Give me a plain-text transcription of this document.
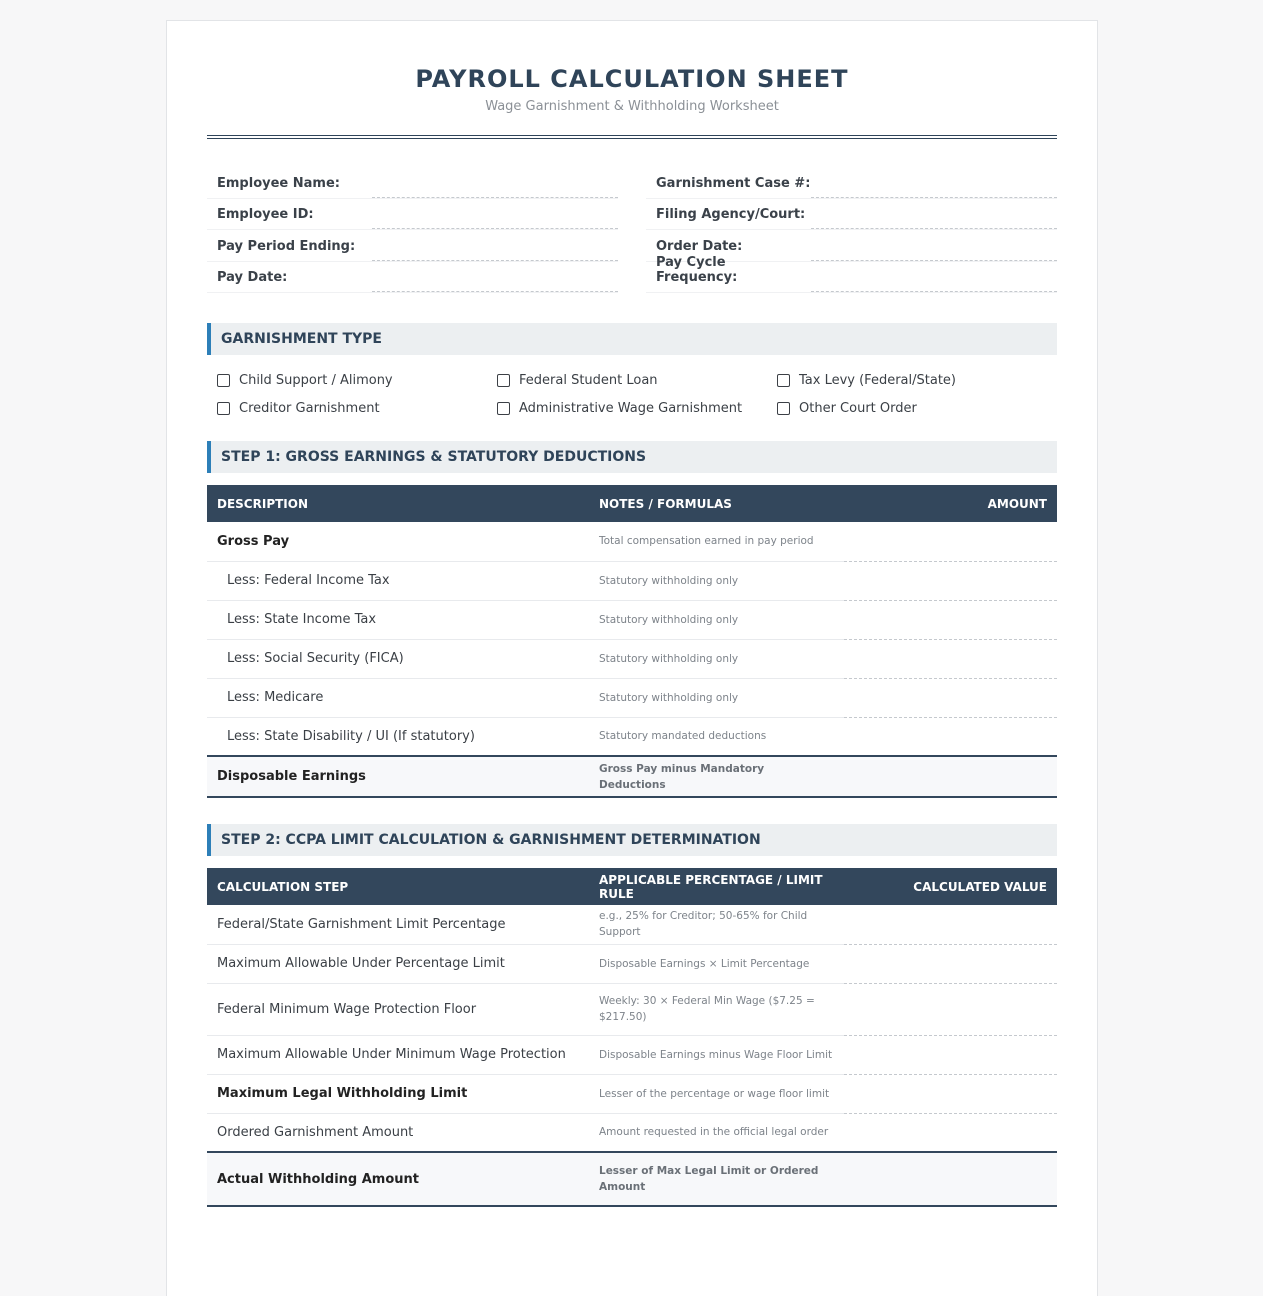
PAYROLL CALCULATION SHEET
Wage Garnishment & Withholding Worksheet
Employee Name:
Employee ID:
Pay Period Ending:
Pay Date:
Garnishment Case #:
Filing Agency/Court:
Order Date:
Pay Cycle Frequency:
GARNISHMENT TYPE
Child Support / Alimony	Federal Student Loan	Tax Levy (Federal/State)
Creditor Garnishment	Administrative Wage Garnishment	Other Court Order
STEP 1: GROSS EARNINGS & STATUTORY DEDUCTIONS
DESCRIPTION	NOTES / FORMULAS	AMOUNT
Gross Pay	Total compensation earned in pay period	
Less: Federal Income Tax	Statutory withholding only	
Less: State Income Tax	Statutory withholding only	
Less: Social Security (FICA)	Statutory withholding only	
Less: Medicare	Statutory withholding only	
Less: State Disability / UI (If statutory)	Statutory mandated deductions	
Disposable Earnings	Gross Pay minus Mandatory Deductions	
STEP 2: CCPA LIMIT CALCULATION & GARNISHMENT DETERMINATION
CALCULATION STEP	APPLICABLE PERCENTAGE / LIMIT RULE	CALCULATED VALUE
Federal/State Garnishment Limit Percentage	e.g., 25% for Creditor; 50-65% for Child Support	
Maximum Allowable Under Percentage Limit	Disposable Earnings × Limit Percentage	
Federal Minimum Wage Protection Floor	Weekly: 30 × Federal Min Wage ($7.25 = $217.50)	
Maximum Allowable Under Minimum Wage Protection	Disposable Earnings minus Wage Floor Limit	
Maximum Legal Withholding Limit	Lesser of the percentage or wage floor limit	
Ordered Garnishment Amount	Amount requested in the official legal order	
Actual Withholding Amount	Lesser of Max Legal Limit or Ordered Amount	
